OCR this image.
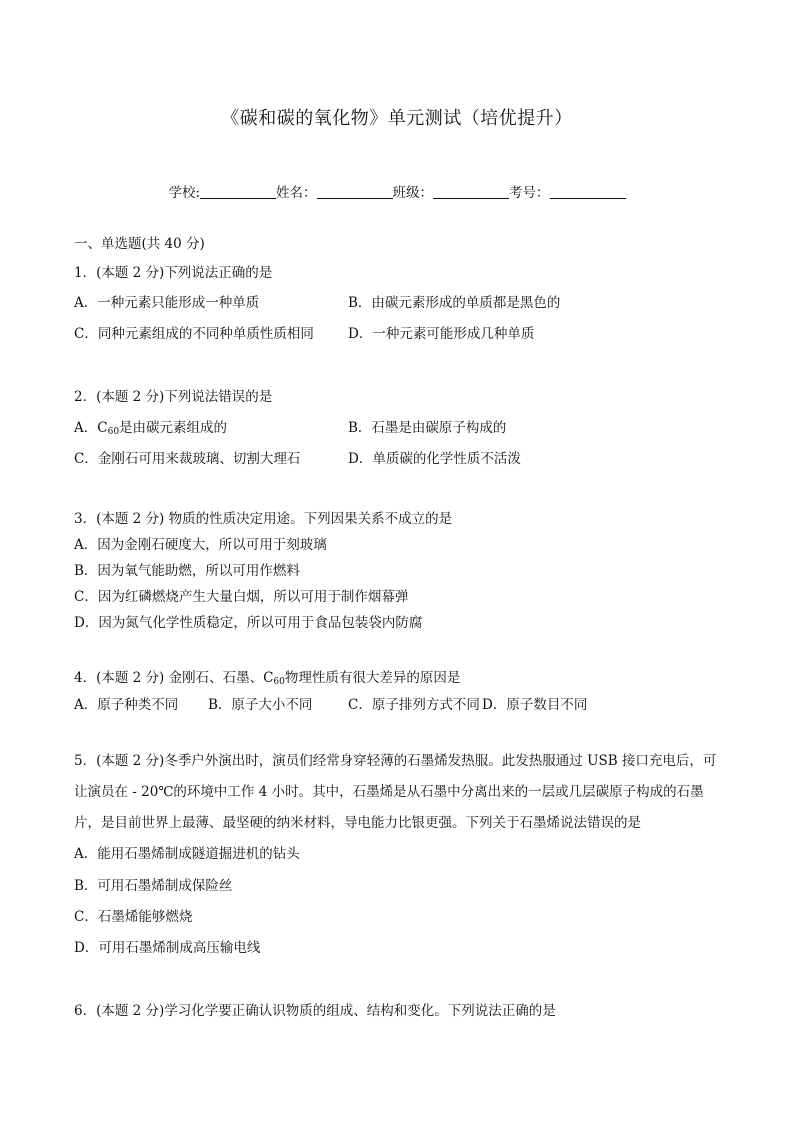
《碳和碳的氧化物》单元测试（培优提升）
学校:	姓名：	班级：	考号：
一、单选题(共 40 分)
1．(本题 2 分)下列说法正确的是
A．一种元素只能形成一种单质	B．由碳元素形成的单质都是黑色的
C．同种元素组成的不同种单质性质相同	D．一种元素可能形成几种单质
2．(本题 2 分)下列说法错误的是
A．$C_{60}$是由碳元素组成的	B．石墨是由碳原子构成的
C．金刚石可用来裁玻璃、切割大理石	D．单质碳的化学性质不活泼
3．(本题 2 分) 物质的性质决定用途。下列因果关系不成立的是
A．因为金刚石硬度大，所以可用于刻玻璃
B．因为氧气能助燃，所以可用作燃料
C．因为红磷燃烧产生大量白烟，所以可用于制作烟幕弹
D．因为氮气化学性质稳定，所以可用于食品包装袋内防腐
4．(本题 2 分) 金刚石、石墨、$C_{60}$物理性质有很大差异的原因是
A．原子种类不同 B．原子大小不同	C．原子排列方式不同 D．原子数目不同
5．(本题 2 分)冬季户外演出时，演员们经常身穿轻薄的石墨烯发热服。此发热服通过 USB 接口充电后，可
让演员在 - 20℃的环境中工作 4 小时。其中，石墨烯是从石墨中分离出来的一层或几层碳原子构成的石墨
片，是目前世界上最薄、最坚硬的纳米材料，导电能力比银更强。下列关于石墨烯说法错误的是
A．能用石墨烯制成隧道掘进机的钻头
B．可用石墨烯制成保险丝
C．石墨烯能够燃烧
D．可用石墨烯制成高压输电线
6．(本题 2 分)学习化学要正确认识物质的组成、结构和变化。下列说法正确的是
